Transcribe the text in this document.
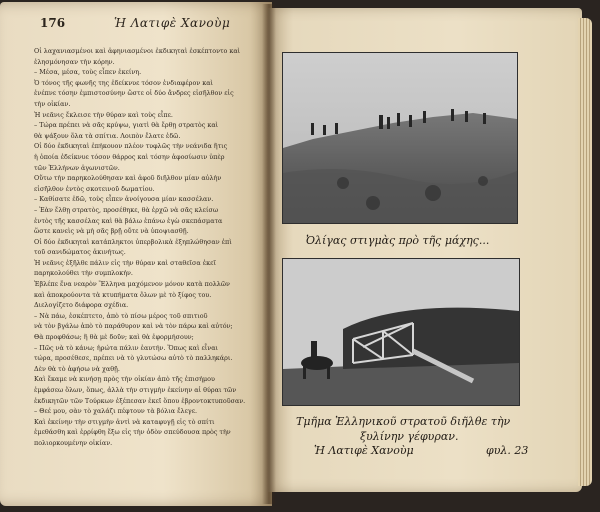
176	Ἡ Λατιφὲ Χανοὺμ

Οἱ λαχανιασμένοι καὶ ἀφηνιασμένοι ἐκδικηταὶ ἐσκέπτοντο καὶ

ἐλησμόνησαν τὴν κόρην.

– Μέσα, μέσα, τοὺς εἶπεν ἐκείνη.

Ὁ τόνος τῆς φωνῆς της ἐδείκνυε τόσον ἐνδιαφέρον καὶ

ἐνέπνε τόσην ἐμπιστοσύνην ὥστε οἱ δύο ἄνδρες εἰσῆλθον εἰς

τὴν οἰκίαν.

Ἡ νεᾶνις ἔκλεισε τὴν θύραν καὶ τοὺς εἶπε.

– Τώρα πρέπει νὰ σᾶς κρύψω, γιατὶ θὰ ἔρθῃ στρατὸς καὶ

θὰ ψάξουν ὅλα τὰ σπίτια. Λοιπὸν ἔλατε ἐδῶ.

Οἱ δύο ἐκδικηταὶ ἐπήκουον πλέον τυφλῶς τὴν νεάνιδα ἥτις

ἡ ὁποία ἐδείκνυε τόσον θάρρος καὶ τόσην ἀφοσίωσιν ὑπὲρ

τῶν Ἑλλήνων ἀγωνιστῶν.

Οὕτω τὴν παρηκολούθησαν καὶ ἀφοῦ διῆλθον μίαν αὐλὴν

εἰσῆλθον ἐντὸς σκοτεινοῦ δωματίου.

– Καθίσατε ἐδῶ, τοὺς εἶπεν ἀνοίγουσα μίαν κασσέλαν.

– Ἐὰν ἔλθῃ στρατὸς, προσέθηκε, θὰ ἐρχῶ νὰ σᾶς κλείσω

ἐντὸς τῆς κασσέλας καὶ θὰ βάλω ἐπάνω ἐγὼ σκεπάσματα

ὥστε κανεὶς νὰ μὴ σᾶς βρῇ οὔτε νὰ ὑποψιασθῇ.

Οἱ δύο ἐκδικηταὶ κατάπληκτοι ὑπερβολικὰ ἐξηπλώθησαν ἐπὶ

τοῦ σανιδώματος ἀκινήτως.

Ἡ νεᾶνις ἐξῆλθε πάλιν εἰς τὴν θύραν καὶ σταθεῖσα ἐκεῖ

παρηκολούθει τὴν συμπλοκήν.

Ἐβλέπε ἕνα νεαρὸν Ἕλληνα μαχόμενον μόνον κατὰ πολλῶν

καὶ ἀποκρούοντα τὰ κτυπήματα ὅλων μὲ τὸ ξίφος του.

Διελογίζετο διάφορα σχέδια.

– Νὰ πάω, ἐσκέπτετο, ἀπὸ τὸ πίσω μέρος τοῦ σπιτιοῦ

νὰ τὸν βγάλω ἀπὸ τὸ παράθυρον καὶ νὰ τὸν πάρω καὶ αὐτόν;

Θὰ προφθάσω; ἢ θὰ μὲ δοῦν; καὶ θὰ ἐφορμήσουν;

– Πῶς νὰ τὸ κάνω; ἠρώτα πάλιν ἑαυτήν. Ὅπως καὶ εἶναι

τώρα, προσέθεσε, πρέπει νὰ τὸ γλυτώσω αὐτὸ τὸ παλληκάρι.

Δὲν θὰ τὸ ἀφήσω νὰ χαθῇ.

Καὶ ἔκαμε νὰ κινήσῃ πρὸς τὴν οἰκίαν ἀπὸ τῆς ἐπισήμου

ἐμφάσεω ὅλων, ὅπως, ἀλλὰ τὴν στιγμὴν ἐκείνην αἱ θύραι τῶν

ἐκδικητῶν τῶν Τούρκων ἐξέπεσαν ἐκεῖ ὅπου ἐβροντοκτυποῦσαν.

– Θεέ μου, σὰν τὸ χαλάζι πέφτουν τὰ βόλια ἔλεγε.

Καὶ ἐκείνην τὴν στιγμὴν ἀντὶ νὰ καταφυγῇ εἰς τὸ σπίτι

ἐμεθάσθη καὶ ἐρρίφθη ἔξω εἰς τὴν ὁδὸν σπεύδουσα πρὸς τὴν

πολιορκουμένην οἰκίαν.

Ὀλίγας στιγμὰς πρὸ τῆς μάχης...
Τμῆμα Ἑλληνικοῦ στρατοῦ διῆλθε τὴν
ξυλίνην γέφυραν.
Ἡ Λατιφὲ Χανοὺμ	φυλ. 23
